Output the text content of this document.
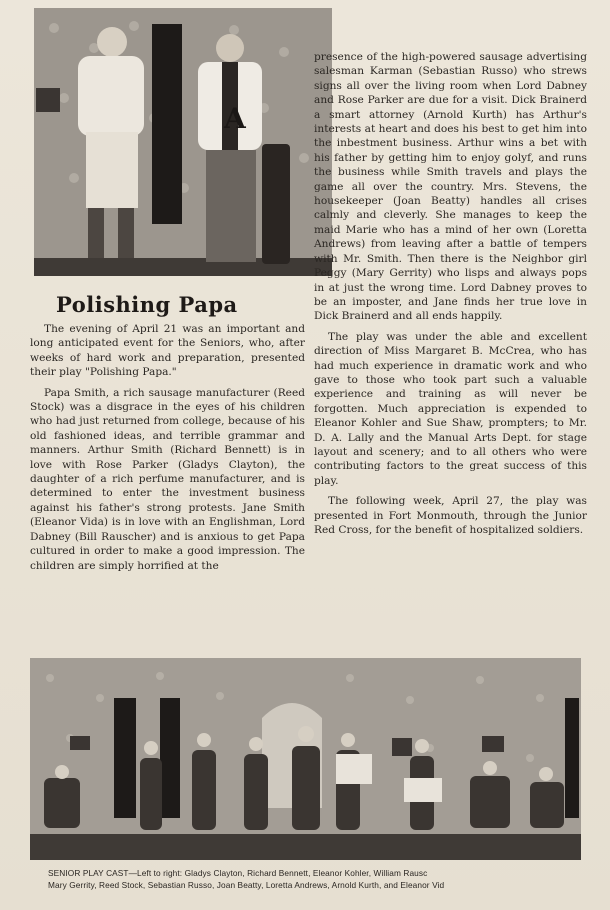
A
Polishing Papa

The evening of April 21 was an important and long anticipated event for the Seniors, who, after weeks of hard work and preparation, presented their play "Polishing Papa."

Papa Smith, a rich sausage manufacturer (Reed Stock) was a disgrace in the eyes of his children who had just returned from college, because of his old fashioned ideas, and terrible grammar and manners. Arthur Smith (Richard Bennett) is in love with Rose Parker (Gladys Clayton), the daughter of a rich perfume manufacturer, and is determined to enter the investment business against his father's strong protests. Jane Smith (Eleanor Vida) is in love with an Englishman, Lord Dabney (Bill Rauscher) and is anxious to get Papa cultured in order to make a good impression. The children are simply horrified at the

presence of the high-powered sausage advertising salesman Karman (Sebastian Russo) who strews signs all over the living room when Lord Dabney and Rose Parker are due for a visit. Dick Brainerd a smart attorney (Arnold Kurth) has Arthur's interests at heart and does his best to get him into the inbestment business. Arthur wins a bet with his father by getting him to enjoy golyf, and runs the business while Smith travels and plays the game all over the country. Mrs. Stevens, the housekeeper (Joan Beatty) handles all crises calmly and cleverly. She manages to keep the maid Marie who has a mind of her own (Loretta Andrews) from leaving after a battle of tempers with Mr. Smith. Then there is the Neighbor girl Peggy (Mary Gerrity) who lisps and always pops in at just the wrong time. Lord Dabney proves to be an imposter, and Jane finds her true love in Dick Brainerd and all ends happily.

The play was under the able and excellent direction of Miss Margaret B. McCrea, who has had much experience in dramatic work and who gave to those who took part such a valuable experience and training as will never be forgotten. Much appreciation is expended to Eleanor Kohler and Sue Shaw, prompters; to Mr. D. A. Lally and the Manual Arts Dept. for stage layout and scenery; and to all others who were contributing factors to the great success of this play.

The following week, April 27, the play was presented in Fort Monmouth, through the Junior Red Cross, for the benefit of hospitalized soldiers.

SENIOR PLAY CAST—Left to right: Gladys Clayton, Richard Bennett, Eleanor Kohler, William Rausc
Mary Gerrity, Reed Stock, Sebastian Russo, Joan Beatty, Loretta Andrews, Arnold Kurth, and Eleanor Vid
